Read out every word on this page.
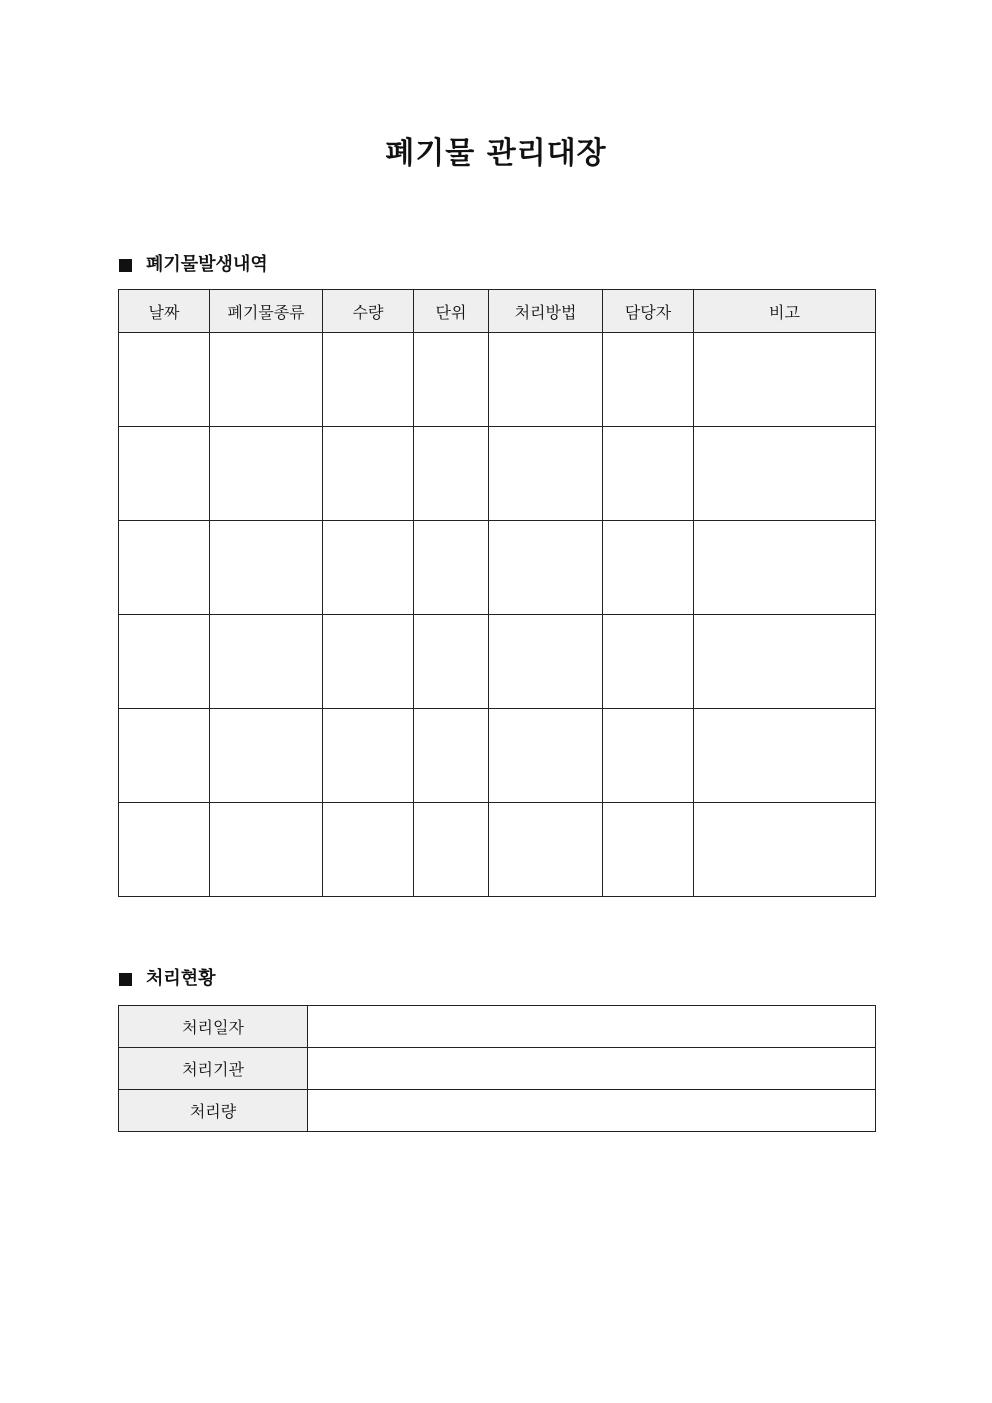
폐기물 관리대장
폐기물발생내역
날짜	폐기물종류	수량	단위	처리방법	담당자	비고

처리현황
처리일자	
처리기관	
처리량	
